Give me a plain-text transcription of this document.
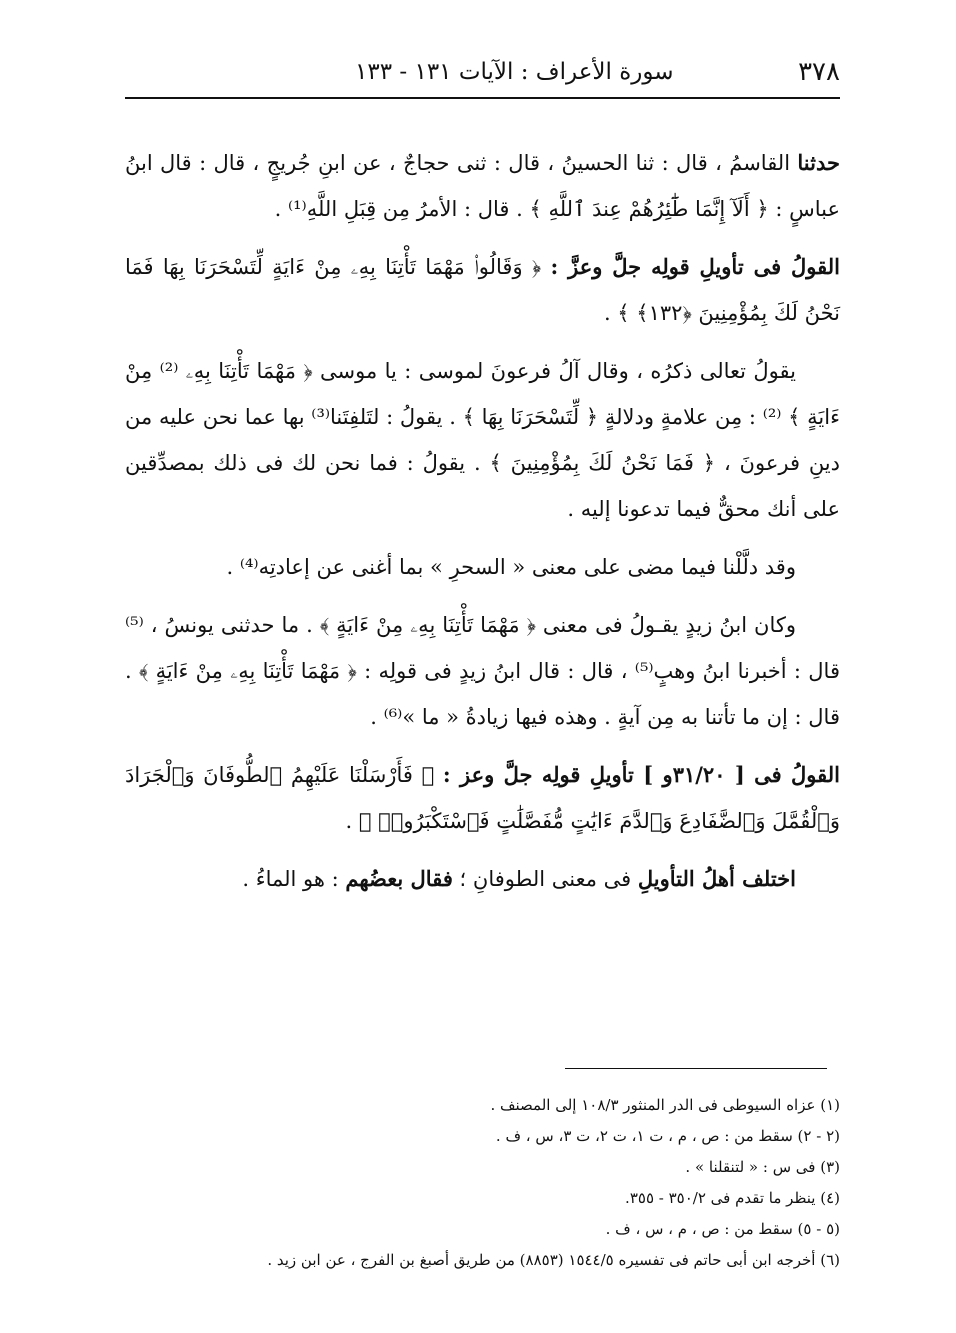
٣٧٨
سورة الأعراف : الآيات ١٣١ - ١٣٣

حدثنا القاسمُ ، قال : ثنا الحسينُ ، قال : ثنى حجاجٌ ، عن ابنِ جُريجٍ ، قال : قال ابنُ عباسٍ : ﴿ أَلَآ إِنَّمَا طَٰٓئِرُهُمْ عِندَ ٱللَّهِ ﴾ . قال : الأمرُ مِن قِبَلِ اللَّهِ⁽¹⁾ .

القولُ فى تأويلِ قولِه جلَّ وعزَّ : ﴿ وَقَالُوا۟ مَهْمَا تَأْتِنَا بِهِۦ مِنْ ءَايَةٍ لِّتَسْحَرَنَا بِهَا فَمَا نَحْنُ لَكَ بِمُؤْمِنِينَ ﴿١٣٢﴾ ﴾ .

يقولُ تعالى ذكرُه ، وقال آلُ فرعونَ لموسى : يا موسى ﴿ مَهْمَا تَأْتِنَا بِهِۦ ⁽²⁾ مِنْ ءَايَةٍ ﴾ ⁽²⁾ : مِن علامةٍ ودلالةٍ ﴿ لِّتَسْحَرَنَا بِهَا ﴾ . يقولُ : لتَلفِتَنا⁽³⁾ بها عما نحن عليه من دينِ فرعونَ ، ﴿ فَمَا نَحْنُ لَكَ بِمُؤْمِنِينَ ﴾ . يقولُ : فما نحن لك فى ذلك بمصدِّقين على أنك محقٌّ فيما تدعونا إليه .

وقد دلَّلْنا فيما مضى على معنى « السحرِ » بما أغنى عن إعادتِه⁽⁴⁾ .

وكان ابنُ زيدٍ يقـولُ فى معنى ﴿ مَهْمَا تَأْتِنَا بِهِۦ مِنْ ءَايَةٍ ﴾ . ما حدثنى يونسُ ، ⁽⁵⁾قال : أخبرنا ابنُ وهبٍ⁽⁵⁾ ، قال : قال ابنُ زيدٍ فى قولِه : ﴿ مَهْمَا تَأْتِنَا بِهِۦ مِنْ ءَايَةٍ ﴾ . قال : إن ما تأتنا به مِن آيةٍ . وهذه فيها زيادةُ « ما »⁽⁶⁾ .

القولُ فى [ ٣١/٢٠و ] تأويلِ قولِه جلَّ وعز : ﴿ فَأَرْسَلْنَا عَلَيْهِمُ ٱلطُّوفَانَ وَٱلْجَرَادَ وَٱلْقُمَّلَ وَٱلضَّفَادِعَ وَٱلدَّمَ ءَايَٰتٍ مُّفَصَّلَٰتٍ فَٱسْتَكْبَرُوا۟ ﴾ .

اختلف أهلُ التأويلِ فى معنى الطوفانِ ؛ فقال بعضُهم : هو الماءُ .

(١) عزاه السيوطى فى الدر المنثور ١٠٨/٣ إلى المصنف .

(٢ - ٢) سقط من : ص ، م ، ت ١، ت ٢، ت ٣، س ، ف .

(٣) فى س : « لتنقلنا » .

(٤) ينظر ما تقدم فى ٣٥٠/٢ - ٣٥٥.

(٥ - ٥) سقط من : ص ، م ، س ، ف .

(٦) أخرجه ابن أبى حاتم فى تفسيره ١٥٤٤/٥ (٨٨٥٣) من طريق أصبغ بن الفرج ، عن ابن زيد .
